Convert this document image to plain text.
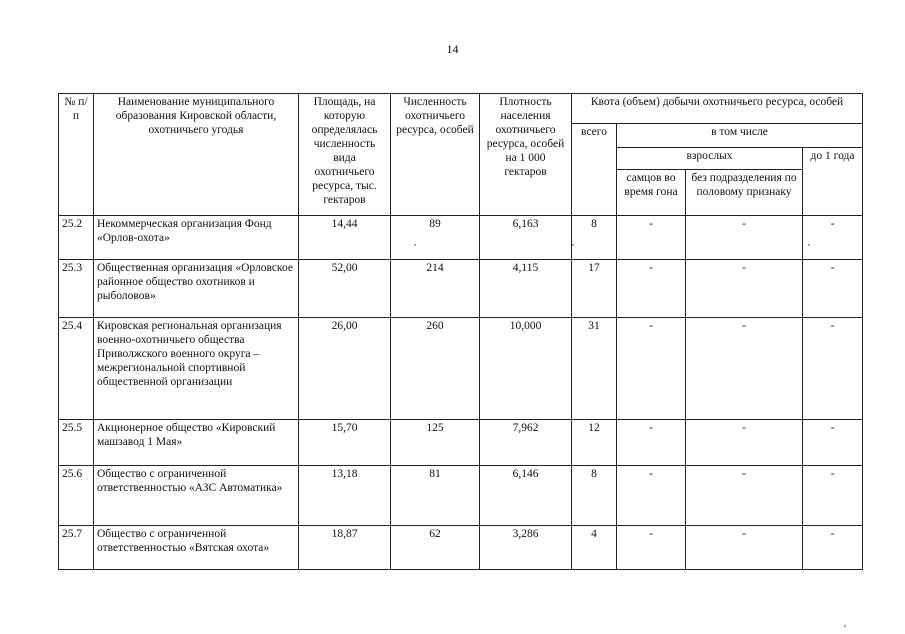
14
№ п/п	Наименование муниципального образования Кировской области, охотничьего угодья	Площадь, на которую определялась численность вида охотничьего ресурса, тыс. гектаров	Численность охотничьего ресурса, особей	Плотность населения охотничьего ресурса, особей на 1 000 гектаров	Квота (объем) добычи охотничьего ресурса, особей			
					всего	в том числе		
						взрослых		до 1 года
						самцов во время гона	без подразделения по половому признаку	
25.2	Некоммерческая организация Фонд «Орлов-охота»	14,44	89	6,163	8	-	-	-
25.3	Общественная организация «Орловское районное общество охотников и рыболовов»	52,00	214	4,115	17	-	-	-
25.4	Кировская региональная организация военно-охотничьего общества Приволжского военного округа – межрегиональной спортивной общественной организации	26,00	260	10,000	31	-	-	-
25.5	Акционерное общество «Кировский машзавод 1 Мая»	15,70	125	7,962	12	-	-	-
25.6	Общество с ограниченной ответственностью «АЗС Автоматика»	13,18	81	6,146	8	-	-	-
25.7	Общество с ограниченной ответственностью «Вятская охота»	18,87	62	3,286	4	-	-	-
